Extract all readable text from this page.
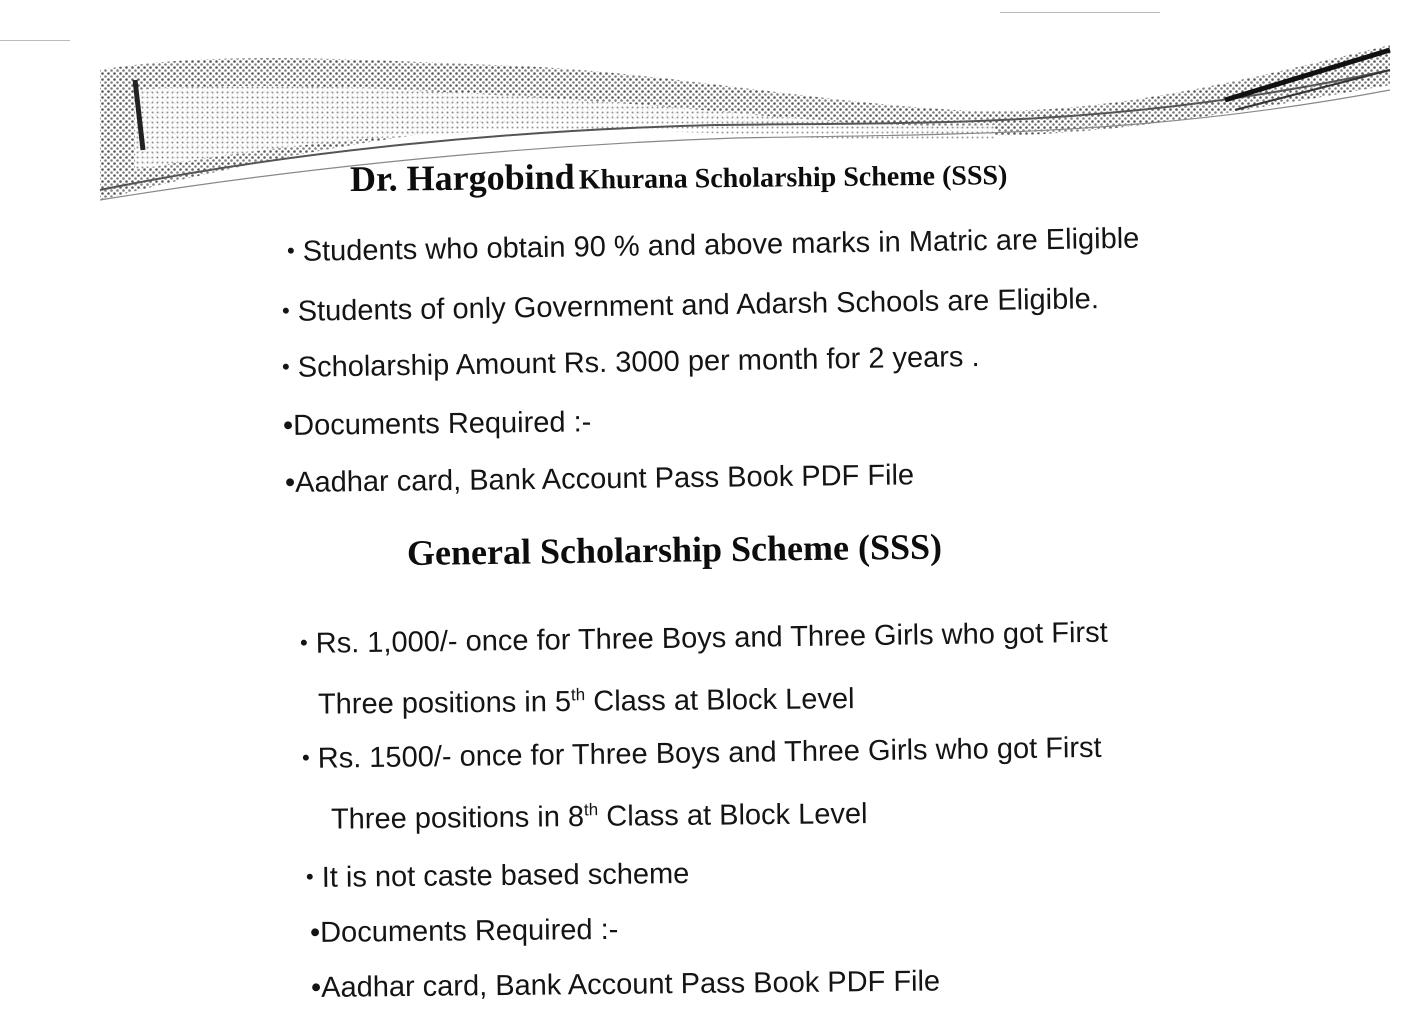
Dr. Hargobind Khurana Scholarship Scheme (SSS)
• Students who obtain 90 % and above marks in Matric are Eligible
• Students of only Government and Adarsh Schools are Eligible.
• Scholarship Amount Rs. 3000 per month for 2 years .
•Documents Required :-
•Aadhar card, Bank Account Pass Book PDF File
General Scholarship Scheme (SSS)
• Rs. 1,000/- once for Three Boys and Three Girls who got First
Three positions in 5th Class at Block Level
• Rs. 1500/- once for Three Boys and Three Girls who got First
Three positions in 8th Class at Block Level
• It is not caste based scheme
•Documents Required :-
•Aadhar card, Bank Account Pass Book PDF File
